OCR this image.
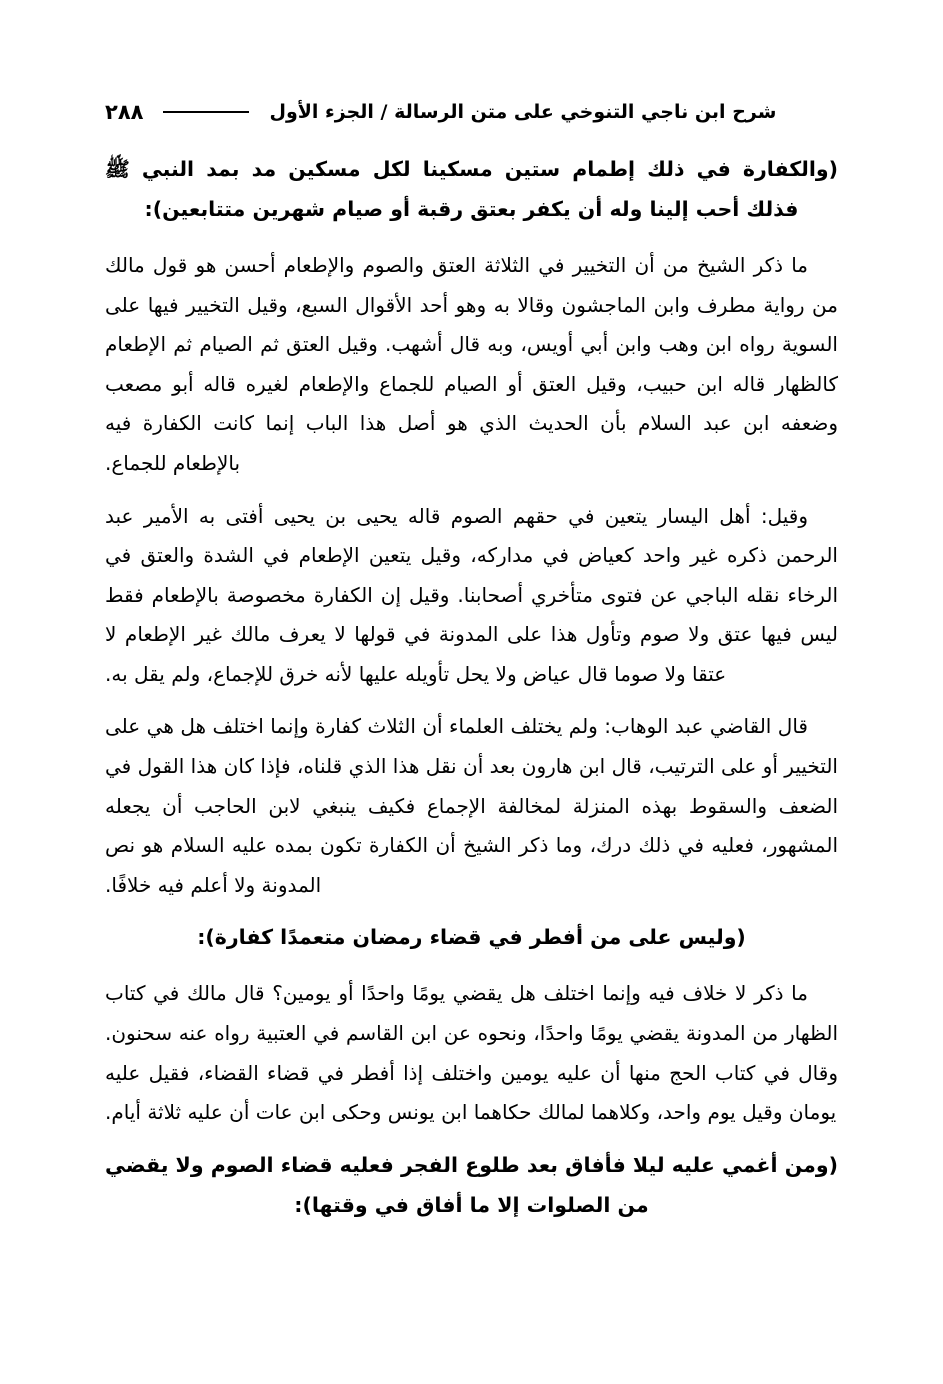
٢٨٨	شرح ابن ناجي التنوخي على متن الرسالة / الجزء الأول
(والكفارة في ذلك إطمام ستين مسكينا لكل مسكين مد بمد النبي ﷺ فذلك أحب إلينا وله أن يكفر بعتق رقبة أو صيام شهرين متتابعين):

ما ذكر الشيخ من أن التخيير في الثلاثة العتق والصوم والإطعام أحسن هو قول مالك من رواية مطرف وابن الماجشون وقالا به وهو أحد الأقوال السبع، وقيل التخيير فيها على السوية رواه ابن وهب وابن أبي أويس، وبه قال أشهب. وقيل العتق ثم الصيام ثم الإطعام كالظهار قاله ابن حبيب، وقيل العتق أو الصيام للجماع والإطعام لغيره قاله أبو مصعب وضعفه ابن عبد السلام بأن الحديث الذي هو أصل هذا الباب إنما كانت الكفارة فيه بالإطعام للجماع.

وقيل: أهل اليسار يتعين في حقهم الصوم قاله يحيى بن يحيى أفتى به الأمير عبد الرحمن ذكره غير واحد كعياض في مداركه، وقيل يتعين الإطعام في الشدة والعتق في الرخاء نقله الباجي عن فتوى متأخري أصحابنا. وقيل إن الكفارة مخصوصة بالإطعام فقط ليس فيها عتق ولا صوم وتأول هذا على المدونة في قولها لا يعرف مالك غير الإطعام لا عتقا ولا صوما قال عياض ولا يحل تأويله عليها لأنه خرق للإجماع، ولم يقل به.

قال القاضي عبد الوهاب: ولم يختلف العلماء أن الثلاث كفارة وإنما اختلف هل هي على التخيير أو على الترتيب، قال ابن هارون بعد أن نقل هذا الذي قلناه، فإذا كان هذا القول في الضعف والسقوط بهذه المنزلة لمخالفة الإجماع فكيف ينبغي لابن الحاجب أن يجعله المشهور، فعليه في ذلك درك، وما ذكر الشيخ أن الكفارة تكون بمده عليه السلام هو نص المدونة ولا أعلم فيه خلافًا.

(وليس على من أفطر في قضاء رمضان متعمدًا كفارة):

ما ذكر لا خلاف فيه وإنما اختلف هل يقضي يومًا واحدًا أو يومين؟ قال مالك في كتاب الظهار من المدونة يقضي يومًا واحدًا، ونحوه عن ابن القاسم في العتبية رواه عنه سحنون. وقال في كتاب الحج منها أن عليه يومين واختلف إذا أفطر في قضاء القضاء، فقيل عليه يومان وقيل يوم واحد، وكلاهما لمالك حكاهما ابن يونس وحكى ابن عات أن عليه ثلاثة أيام.

(ومن أغمي عليه ليلا فأفاق بعد طلوع الفجر فعليه قضاء الصوم ولا يقضي من الصلوات إلا ما أفاق في وقتها):
